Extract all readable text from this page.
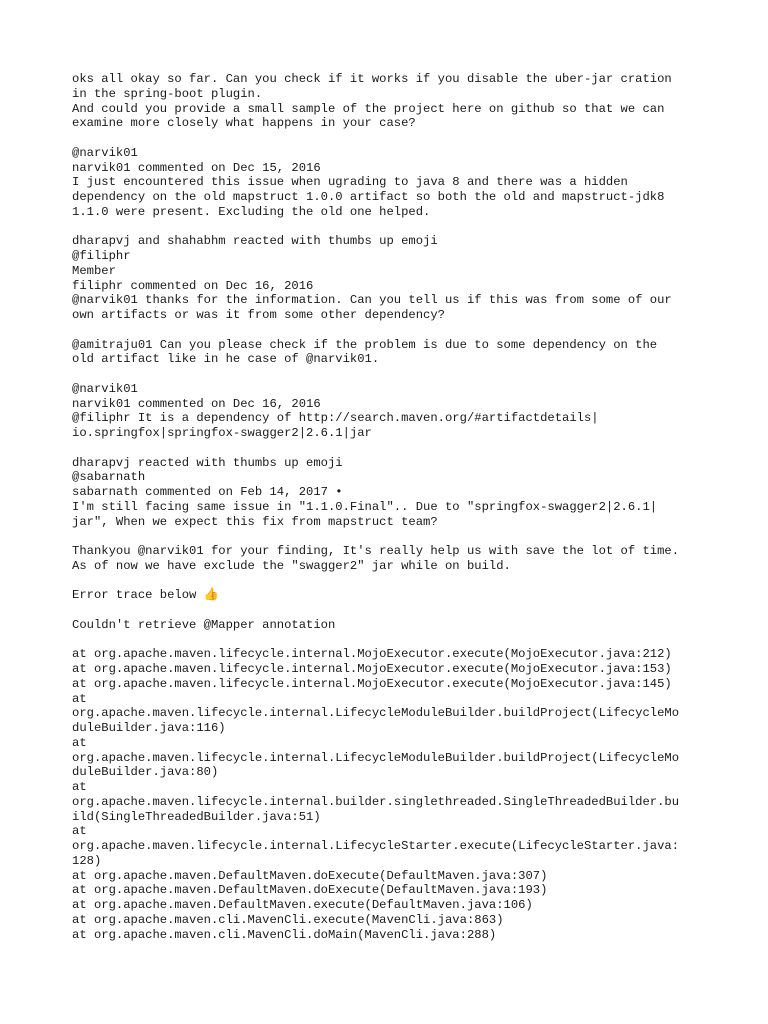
oks all okay so far. Can you check if it works if you disable the uber-jar cration
in the spring-boot plugin.
And could you provide a small sample of the project here on github so that we can
examine more closely what happens in your case?
@narvik01
narvik01 commented on Dec 15, 2016
I just encountered this issue when ugrading to java 8 and there was a hidden
dependency on the old mapstruct 1.0.0 artifact so both the old and mapstruct-jdk8
1.1.0 were present. Excluding the old one helped.
dharapvj and shahabhm reacted with thumbs up emoji
@filiphr
Member
filiphr commented on Dec 16, 2016
@narvik01 thanks for the information. Can you tell us if this was from some of our
own artifacts or was it from some other dependency?
@amitraju01 Can you please check if the problem is due to some dependency on the
old artifact like in he case of @narvik01.
@narvik01
narvik01 commented on Dec 16, 2016
@filiphr It is a dependency of http://search.maven.org/#artifactdetails|
io.springfox|springfox-swagger2|2.6.1|jar
dharapvj reacted with thumbs up emoji
@sabarnath
sabarnath commented on Feb 14, 2017 •
I'm still facing same issue in "1.1.0.Final".. Due to "springfox-swagger2|2.6.1|
jar", When we expect this fix from mapstruct team?
Thankyou @narvik01 for your finding, It's really help us with save the lot of time.
As of now we have exclude the "swagger2" jar while on build.
Error trace below 👍
Couldn't retrieve @Mapper annotation
at org.apache.maven.lifecycle.internal.MojoExecutor.execute(MojoExecutor.java:212)
at org.apache.maven.lifecycle.internal.MojoExecutor.execute(MojoExecutor.java:153)
at org.apache.maven.lifecycle.internal.MojoExecutor.execute(MojoExecutor.java:145)
at
org.apache.maven.lifecycle.internal.LifecycleModuleBuilder.buildProject(LifecycleMo
duleBuilder.java:116)
at
org.apache.maven.lifecycle.internal.LifecycleModuleBuilder.buildProject(LifecycleMo
duleBuilder.java:80)
at
org.apache.maven.lifecycle.internal.builder.singlethreaded.SingleThreadedBuilder.bu
ild(SingleThreadedBuilder.java:51)
at
org.apache.maven.lifecycle.internal.LifecycleStarter.execute(LifecycleStarter.java:
128)
at org.apache.maven.DefaultMaven.doExecute(DefaultMaven.java:307)
at org.apache.maven.DefaultMaven.doExecute(DefaultMaven.java:193)
at org.apache.maven.DefaultMaven.execute(DefaultMaven.java:106)
at org.apache.maven.cli.MavenCli.execute(MavenCli.java:863)
at org.apache.maven.cli.MavenCli.doMain(MavenCli.java:288)
